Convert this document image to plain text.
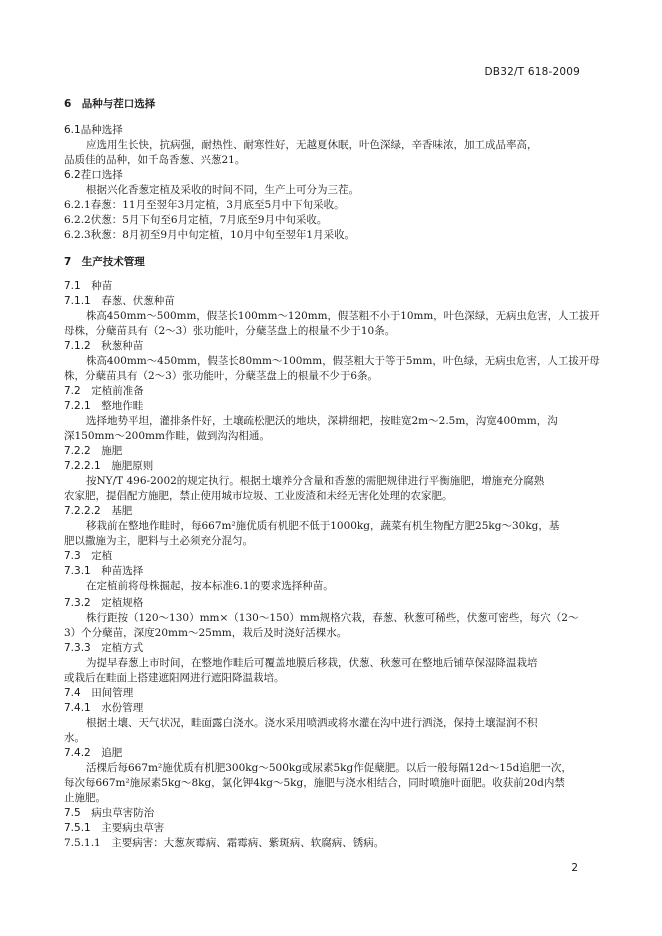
DB32/T 618-2009
6　品种与茬口选择
6.1品种选择
应选用生长快，抗病强，耐热性、耐寒性好，无越夏休眠，叶色深绿，辛香味浓，加工成品率高，
品质佳的品种，如千岛香葱、兴葱21。
6.2茬口选择
根据兴化香葱定植及采收的时间不同，生产上可分为三茬。
6.2.1春葱：11月至翌年3月定植，3月底至5月中下旬采收。
6.2.2伏葱：5月下旬至6月定植，7月底至9月中旬采收。
6.2.3秋葱：8月初至9月中旬定植，10月中旬至翌年1月采收。
7　生产技术管理
7.1　种苗
7.1.1　春葱、伏葱种苗
株高450mm～500mm，假茎长100mm～120mm，假茎粗不小于10mm，叶色深绿，无病虫危害，人工拔开
母株，分蘖苗具有（2～3）张功能叶，分蘖茎盘上的根量不少于10条。
7.1.2　秋葱种苗
株高400mm～450mm，假茎长80mm～100mm，假茎粗大于等于5mm，叶色绿，无病虫危害，人工拔开母
株，分蘖苗具有（2～3）张功能叶，分蘖茎盘上的根量不少于6条。
7.2　定植前准备
7.2.1　整地作畦
选择地势平坦，灌排条件好，土壤疏松肥沃的地块，深耕细耙，按畦宽2m～2.5m，沟宽400mm，沟
深150mm～200mm作畦，做到沟沟相通。
7.2.2　施肥
7.2.2.1　施肥原则
按NY/T 496-2002的规定执行。根据土壤养分含量和香葱的需肥规律进行平衡施肥，增施充分腐熟
农家肥，提倡配方施肥，禁止使用城市垃圾、工业废渣和未经无害化处理的农家肥。
7.2.2.2　基肥
移栽前在整地作畦时，每667m²施优质有机肥不低于1000kg，蔬菜有机生物配方肥25kg～30kg，基
肥以撒施为主，肥料与土必须充分混匀。
7.3　定植
7.3.1　种苗选择
在定植前将母株掘起，按本标准6.1的要求选择种苗。
7.3.2　定植规格
株行距按（120～130）mm×（130～150）mm规格穴栽，春葱、秋葱可稀些，伏葱可密些，每穴（2～
3）个分蘖苗，深度20mm～25mm，栽后及时浇好活棵水。
7.3.3　定植方式
为提早春葱上市时间，在整地作畦后可覆盖地膜后移栽，伏葱、秋葱可在整地后铺草保湿降温栽培
或栽后在畦面上搭建遮阳网进行遮阳降温栽培。
7.4　田间管理
7.4.1　水份管理
根据土壤、天气状况，畦面露白浇水。浇水采用喷洒或将水灌在沟中进行洒浇，保持土壤湿润不积
水。
7.4.2　追肥
活棵后每667m²施优质有机肥300kg～500kg或尿素5kg作促蘖肥。以后一般每隔12d～15d追肥一次，
每次每667m²施尿素5kg～8kg，氯化钾4kg～5kg，施肥与浇水相结合，同时喷施叶面肥。收获前20d内禁
止施肥。
7.5　病虫草害防治
7.5.1　主要病虫草害
7.5.1.1　主要病害：大葱灰霉病、霜霉病、紫斑病、软腐病、锈病。
2
